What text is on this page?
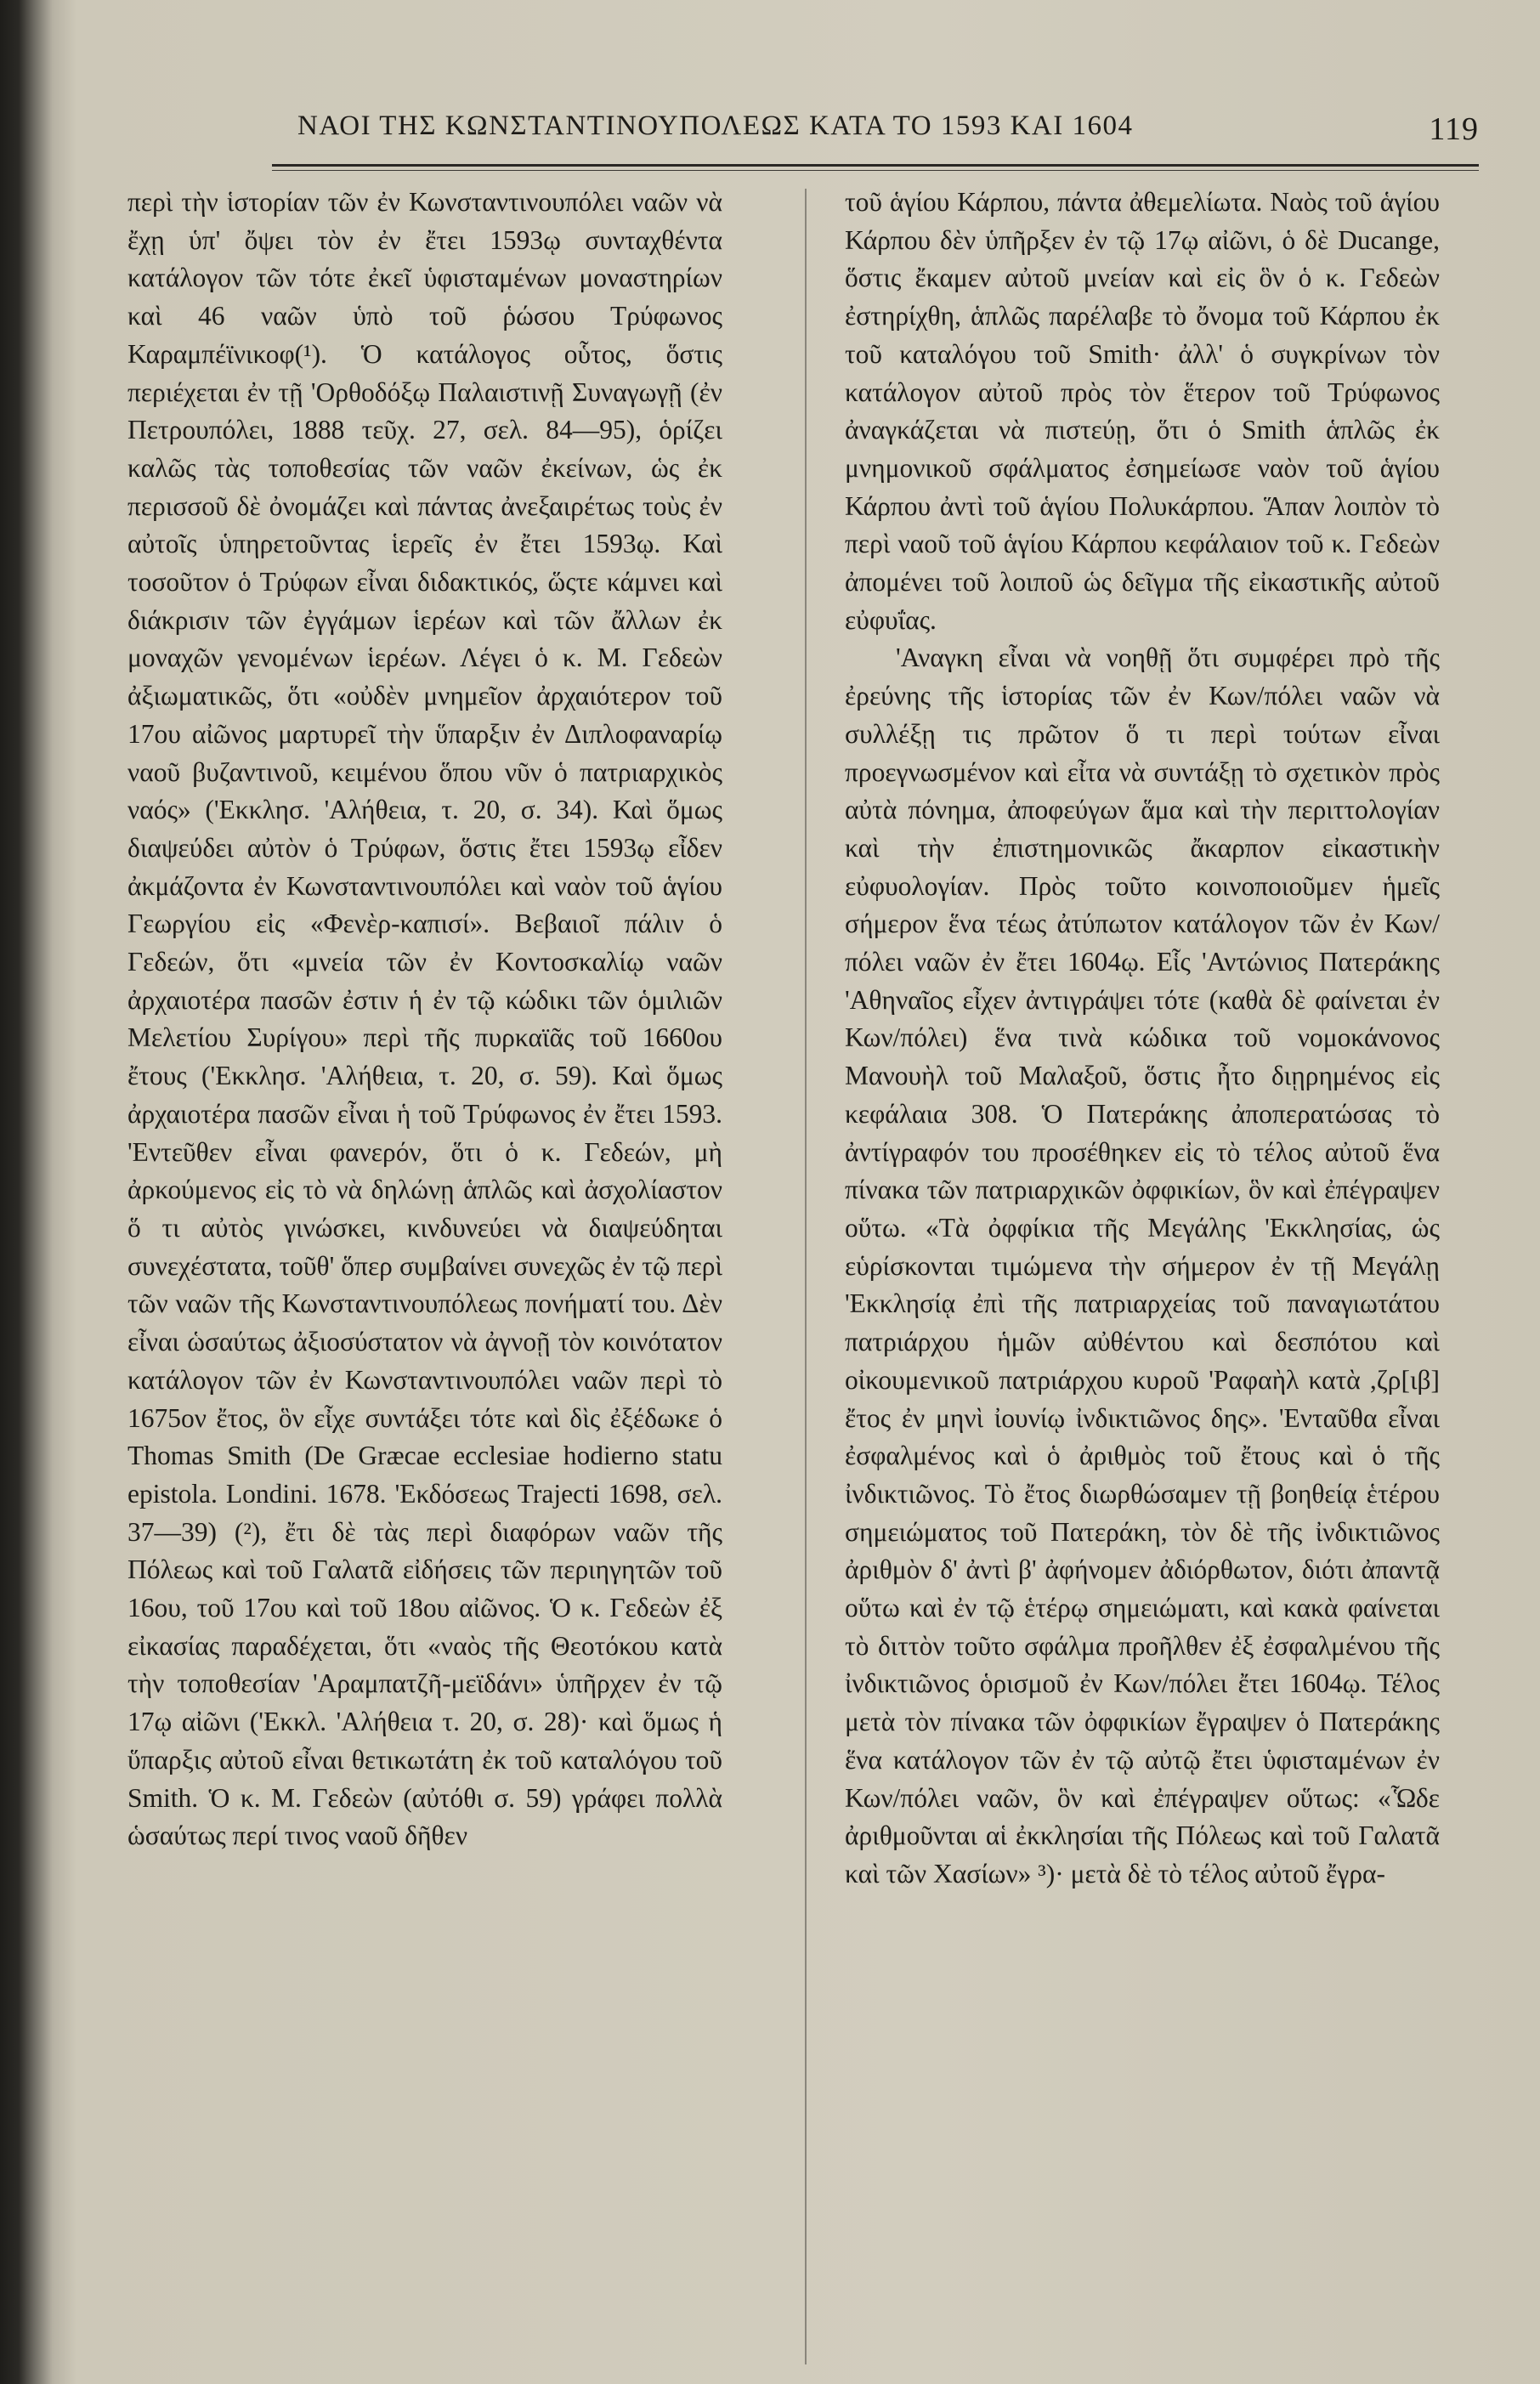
ΝΑΟΙ ΤΗΣ ΚΩΝΣΤΑΝΤΙΝΟΥΠΟΛΕΩΣ ΚΑΤΑ ΤΟ 1593 ΚΑΙ 1604	119
περὶ τὴν ἱστορίαν τῶν ἐν Κωνσταντινουπόλει ναῶν νὰ ἔχῃ ὑπ' ὄψει τὸν ἐν ἔτει 1593ῳ συνταχθέντα κατάλογον τῶν τότε ἐκεῖ ὑφισταμένων μοναστηρίων καὶ 46 ναῶν ὑπὸ τοῦ ῥώσου Τρύφωνος Καραμπέϊνικοφ(¹). Ὁ κατάλογος οὗτος, ὅστις περιέχεται ἐν τῇ 'Ορθοδόξῳ Παλαιστινῇ Συναγωγῇ (ἐν Πετρουπόλει, 1888 τεῦχ. 27, σελ. 84—95), ὁρίζει καλῶς τὰς τοποθεσίας τῶν ναῶν ἐκείνων, ὡς ἐκ περισσοῦ δὲ ὀνομάζει καὶ πάντας ἀνεξαιρέτως τοὺς ἐν αὐτοῖς ὑπηρετοῦντας ἱερεῖς ἐν ἔτει 1593ῳ. Καὶ τοσοῦτον ὁ Τρύφων εἶναι διδακτικός, ὥςτε κάμνει καὶ διάκρισιν τῶν ἐγγάμων ἱερέων καὶ τῶν ἄλλων ἐκ μοναχῶν γενομένων ἱερέων. Λέγει ὁ κ. Μ. Γεδεὼν ἀξιωματικῶς, ὅτι «οὐδὲν μνημεῖον ἀρχαιότερον τοῦ 17ου αἰῶνος μαρτυρεῖ τὴν ὕπαρξιν ἐν Διπλοφαναρίῳ ναοῦ βυζαντινοῦ, κειμένου ὅπου νῦν ὁ πατριαρχικὸς ναός» ('Εκκλησ. 'Αλήθεια, τ. 20, σ. 34). Καὶ ὅμως διαψεύδει αὐτὸν ὁ Τρύφων, ὅστις ἔτει 1593ῳ εἶδεν ἀκμάζοντα ἐν Κωνσταντινουπόλει καὶ ναὸν τοῦ ἁγίου Γεωργίου εἰς «Φενὲρ-καπισί». Βεβαιοῖ πάλιν ὁ Γεδεών, ὅτι «μνεία τῶν ἐν Κοντοσκαλίῳ ναῶν ἀρχαιοτέρα πασῶν ἐστιν ἡ ἐν τῷ κώδικι τῶν ὁμιλιῶν Μελετίου Συρίγου» περὶ τῆς πυρκαϊᾶς τοῦ 1660ου ἔτους ('Εκκλησ. 'Αλήθεια, τ. 20, σ. 59). Καὶ ὅμως ἀρχαιοτέρα πασῶν εἶναι ἡ τοῦ Τρύφωνος ἐν ἔτει 1593. 'Εντεῦθεν εἶναι φανερόν, ὅτι ὁ κ. Γεδεών, μὴ ἀρκούμενος εἰς τὸ νὰ δηλώνῃ ἁπλῶς καὶ ἀσχολίαστον ὅ τι αὐτὸς γινώσκει, κινδυνεύει νὰ διαψεύδηται συνεχέστατα, τοῦθ' ὅπερ συμβαίνει συνεχῶς ἐν τῷ περὶ τῶν ναῶν τῆς Κωνσταντινουπόλεως πονήματί του. Δὲν εἶναι ὡσαύτως ἀξιοσύστατον νὰ ἀγνοῇ τὸν κοινότατον κατάλογον τῶν ἐν Κωνσταντινουπόλει ναῶν περὶ τὸ 1675ον ἔτος, ὃν εἶχε συντάξει τότε καὶ δὶς ἐξέδωκε ὁ Thomas Smith (De Græcae ecclesiae hodierno statu epistola. Londini. 1678. 'Εκδόσεως Trajecti 1698, σελ. 37—39) (²), ἔτι δὲ τὰς περὶ διαφόρων ναῶν τῆς Πόλεως καὶ τοῦ Γαλατᾶ εἰδήσεις τῶν περιηγητῶν τοῦ 16ου, τοῦ 17ου καὶ τοῦ 18ου αἰῶνος. Ὁ κ. Γεδεὼν ἐξ εἰκασίας παραδέχεται, ὅτι «ναὸς τῆς Θεοτόκου κατὰ τὴν τοποθεσίαν 'Αραμπατζῆ-μεϊδάνι» ὑπῆρχεν ἐν τῷ 17ῳ αἰῶνι ('Εκκλ. 'Αλήθεια τ. 20, σ. 28)· καὶ ὅμως ἡ ὕπαρξις αὐτοῦ εἶναι θετικωτάτη ἐκ τοῦ καταλόγου τοῦ Smith. Ὁ κ. Μ. Γεδεὼν (αὐτόθι σ. 59) γράφει πολλὰ ὡσαύτως περί τινος ναοῦ δῆθεν
τοῦ ἁγίου Κάρπου, πάντα ἀθεμελίωτα. Ναὸς τοῦ ἁγίου Κάρπου δὲν ὑπῆρξεν ἐν τῷ 17ῳ αἰῶνι, ὁ δὲ Ducange, ὅστις ἔκαμεν αὐτοῦ μνείαν καὶ εἰς ὃν ὁ κ. Γεδεὼν ἐστηρίχθη, ἁπλῶς παρέλαβε τὸ ὄνομα τοῦ Κάρπου ἐκ τοῦ καταλόγου τοῦ Smith· ἀλλ' ὁ συγκρίνων τὸν κατάλογον αὐτοῦ πρὸς τὸν ἕτερον τοῦ Τρύφωνος ἀναγκάζεται νὰ πιστεύῃ, ὅτι ὁ Smith ἁπλῶς ἐκ μνημονικοῦ σφάλματος ἐσημείωσε ναὸν τοῦ ἁγίου Κάρπου ἀντὶ τοῦ ἁγίου Πολυκάρπου. Ἅπαν λοιπὸν τὸ περὶ ναοῦ τοῦ ἁγίου Κάρπου κεφάλαιον τοῦ κ. Γεδεὼν ἀπομένει τοῦ λοιποῦ ὡς δεῖγμα τῆς εἰκαστικῆς αὐτοῦ εὐφυΐας.
'Αναγκη εἶναι νὰ νοηθῇ ὅτι συμφέρει πρὸ τῆς ἐρεύνης τῆς ἱστορίας τῶν ἐν Κων/πόλει ναῶν νὰ συλλέξῃ τις πρῶτον ὅ τι περὶ τούτων εἶναι προεγνωσμένον καὶ εἶτα νὰ συντάξῃ τὸ σχετικὸν πρὸς αὐτὰ πόνημα, ἀποφεύγων ἅμα καὶ τὴν περιττολογίαν καὶ τὴν ἐπιστημονικῶς ἄκαρπον εἰκαστικὴν εὐφυολογίαν. Πρὸς τοῦτο κοινοποιοῦμεν ἡμεῖς σήμερον ἕνα τέως ἀτύπωτον κατάλογον τῶν ἐν Κων/πόλει ναῶν ἐν ἔτει 1604ῳ. Εἷς 'Αντώνιος Πατεράκης 'Αθηναῖος εἶχεν ἀντιγράψει τότε (καθὰ δὲ φαίνεται ἐν Κων/πόλει) ἕνα τινὰ κώδικα τοῦ νομοκάνονος Μανουὴλ τοῦ Μαλαξοῦ, ὅστις ἦτο διῃρημένος εἰς κεφάλαια 308. Ὁ Πατεράκης ἀποπερατώσας τὸ ἀντίγραφόν του προσέθηκεν εἰς τὸ τέλος αὐτοῦ ἕνα πίνακα τῶν πατριαρχικῶν ὀφφικίων, ὃν καὶ ἐπέγραψεν οὕτω. «Τὰ ὀφφίκια τῆς Μεγάλης 'Εκκλησίας, ὡς εὑρίσκονται τιμώμενα τὴν σήμερον ἐν τῇ Μεγάλῃ 'Εκκλησίᾳ ἐπὶ τῆς πατριαρχείας τοῦ παναγιωτάτου πατριάρχου ἡμῶν αὐθέντου καὶ δεσπότου καὶ οἰκουμενικοῦ πατριάρχου κυροῦ 'Ραφαὴλ κατὰ ,ζρ[ιβ] ἔτος ἐν μηνὶ ἰουνίῳ ἰνδικτιῶνος δης». 'Ενταῦθα εἶναι ἐσφαλμένος καὶ ὁ ἀριθμὸς τοῦ ἔτους καὶ ὁ τῆς ἰνδικτιῶνος. Τὸ ἔτος διωρθώσαμεν τῇ βοηθείᾳ ἑτέρου σημειώματος τοῦ Πατεράκη, τὸν δὲ τῆς ἰνδικτιῶνος ἀριθμὸν δ' ἀντὶ β' ἀφήνομεν ἀδιόρθωτον, διότι ἀπαντᾷ οὕτω καὶ ἐν τῷ ἑτέρῳ σημειώματι, καὶ κακὰ φαίνεται τὸ διττὸν τοῦτο σφάλμα προῆλθεν ἐξ ἐσφαλμένου τῆς ἰνδικτιῶνος ὁρισμοῦ ἐν Κων/πόλει ἔτει 1604ῳ. Τέλος μετὰ τὸν πίνακα τῶν ὀφφικίων ἔγραψεν ὁ Πατεράκης ἕνα κατάλογον τῶν ἐν τῷ αὐτῷ ἔτει ὑφισταμένων ἐν Κων/πόλει ναῶν, ὃν καὶ ἐπέγραψεν οὕτως: «Ὧδε ἀριθμοῦνται αἱ ἐκκλησίαι τῆς Πόλεως καὶ τοῦ Γαλατᾶ καὶ τῶν Χασίων» ³)· μετὰ δὲ τὸ τέλος αὐτοῦ ἔγρα-
